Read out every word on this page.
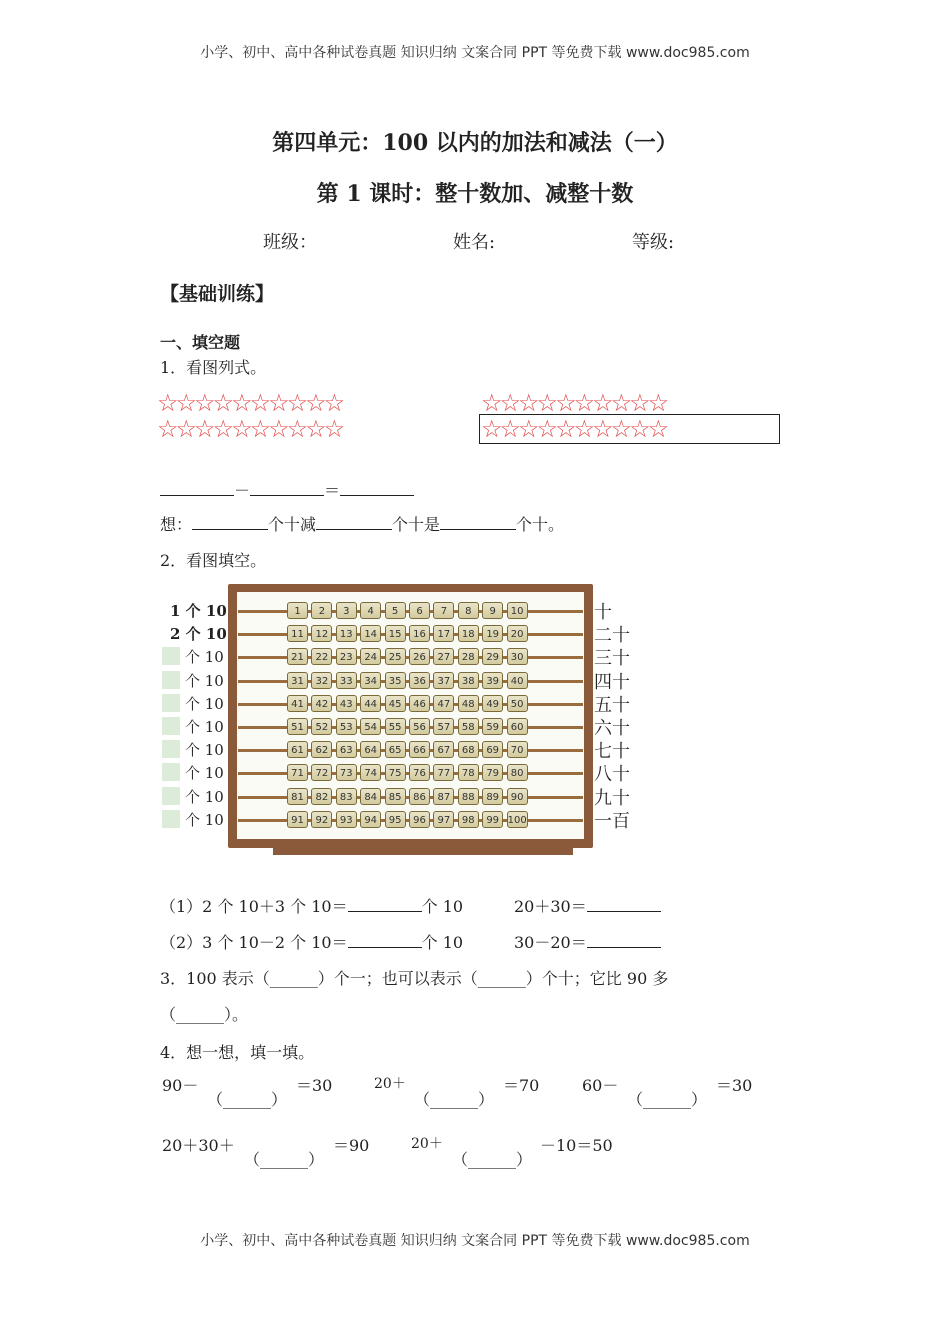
小学、初中、高中各种试卷真题 知识归纳 文案合同 PPT 等免费下载 www.doc985.com
第四单元：100 以内的加法和减法（一）
第 1 课时：整十数加、减整十数
班级：	姓名:	等级:
【基础训练】
一、填空题
1．看图列式。
☆☆☆☆☆☆☆☆☆☆
☆☆☆☆☆☆☆☆☆☆
☆☆☆☆☆☆☆☆☆☆
☆☆☆☆☆☆☆☆☆☆
－	＝
想：	个十减	个十是	个十。
2．看图填空。
1 个 10	1	2	3	4	5	6	7	8	9	10	十
2 个 10	11	12	13	14	15	16	17	18	19	20	二十
个 10	21	22	23	24	25	26	27	28	29	30	三十
个 10	31	32	33	34	35	36	37	38	39	40	四十
个 10	41	42	43	44	45	46	47	48	49	50	五十
个 10	51	52	53	54	55	56	57	58	59	60	六十
个 10	61	62	63	64	65	66	67	68	69	70	七十
个 10	71	72	73	74	75	76	77	78	79	80	八十
个 10	81	82	83	84	85	86	87	88	89	90	九十
个 10	91	92	93	94	95	96	97	98	99 100	一百
（1）2 个 10＋3 个 10＝	个 10	20＋30＝
（2）3 个 10－2 个 10＝	个 10	30－20＝
3．100 表示（______）个一；也可以表示（______）个十；它比 90 多
（______）。
4．想一想，填一填。
90－
（______）
＝30	20＋
（______）
＝70	60－
（______）
＝30
20＋30＋
（______）
＝90	20＋
（______）
－10＝50
小学、初中、高中各种试卷真题 知识归纳 文案合同 PPT 等免费下载 www.doc985.com
